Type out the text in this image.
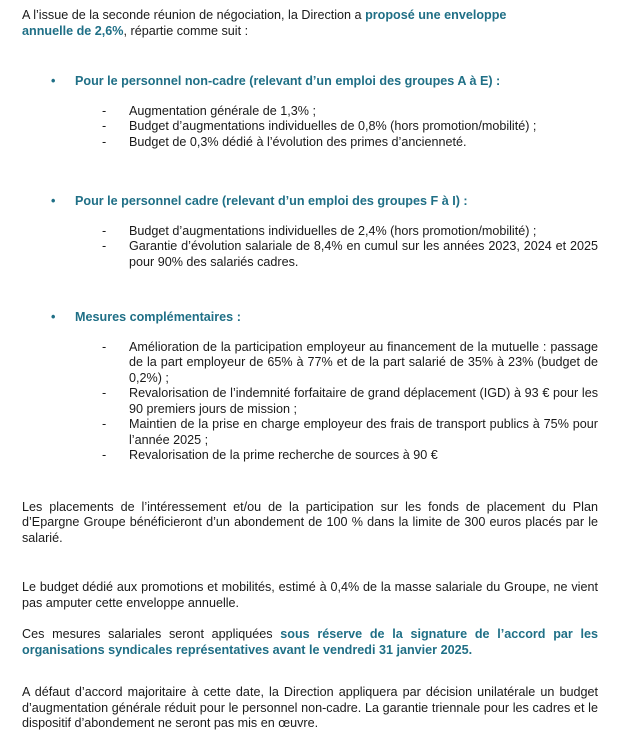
A l’issue de la seconde réunion de négociation, la Direction a proposé une enveloppe annuelle de 2,6%, répartie comme suit :

• Pour le personnel non-cadre (relevant d’un emploi des groupes A à E) :
- Augmentation générale de 1,3% ;
- Budget d’augmentations individuelles de 0,8% (hors promotion/mobilité) ;
- Budget de 0,3% dédié à l’évolution des primes d’ancienneté.
• Pour le personnel cadre (relevant d’un emploi des groupes F à I) :
- Budget d’augmentations individuelles de 2,4% (hors promotion/mobilité) ;
- Garantie d’évolution salariale de 8,4% en cumul sur les années 2023, 2024 et 2025 pour 90% des salariés cadres.
• Mesures complémentaires :
- Amélioration de la participation employeur au financement de la mutuelle : passage de la part employeur de 65% à 77% et de la part salarié de 35% à 23% (budget de 0,2%) ;
- Revalorisation de l’indemnité forfaitaire de grand déplacement (IGD) à 93 € pour les 90 premiers jours de mission ;
- Maintien de la prise en charge employeur des frais de transport publics à 75% pour l’année 2025 ;
- Revalorisation de la prime recherche de sources à 90 €

Les placements de l’intéressement et/ou de la participation sur les fonds de placement du Plan d’Epargne Groupe bénéficieront d’un abondement de 100 % dans la limite de 300 euros placés par le salarié.

Le budget dédié aux promotions et mobilités, estimé à 0,4% de la masse salariale du Groupe, ne vient pas amputer cette enveloppe annuelle.

Ces mesures salariales seront appliquées sous réserve de la signature de l’accord par les organisations syndicales représentatives avant le vendredi 31 janvier 2025.

A défaut d’accord majoritaire à cette date, la Direction appliquera par décision unilatérale un budget d’augmentation générale réduit pour le personnel non-cadre. La garantie triennale pour les cadres et le dispositif d’abondement ne seront pas mis en œuvre.
